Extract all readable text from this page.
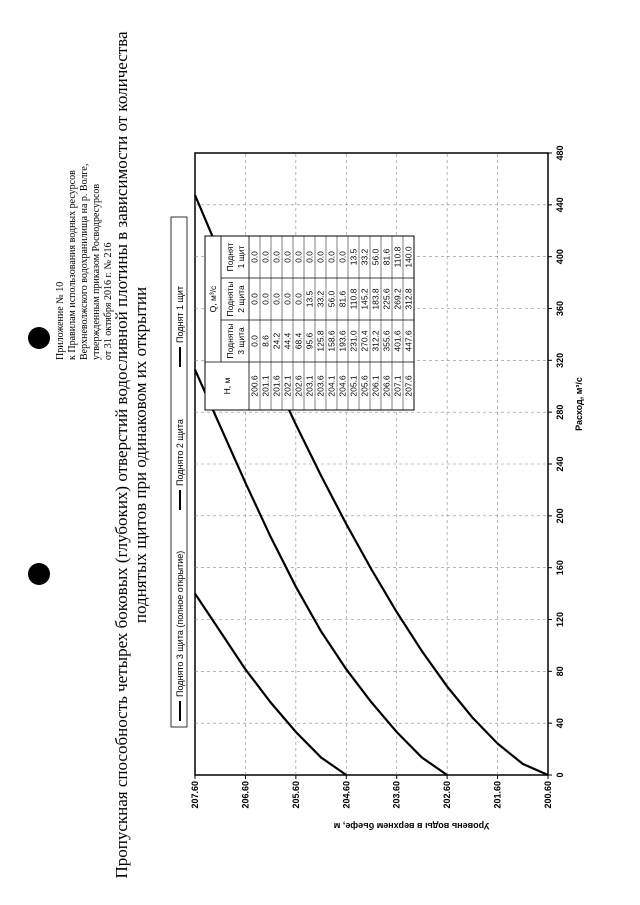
Приложение № 10 к Правилам использования водных ресурсов Верхневолжского водохранилища на р. Волге, утвержденным приказом Росводресурсов от 31 октября 2016 г. № 216
Пропускная способность четырех боковых (глубоких) отверстий водосливной плотины в зависимости от количества поднятых щитов при одинаковом их открытии
0
40
80
120
160
200
240
280
320
360
400
440
480
200.60
201.60
202.60
203.60
204.60
205.60
206.60
207.60
Расход, м³/с
Уровень воды в верхнем бьефе, м
Поднято 3 щита (полное открытие)
Поднято 2 щита
Поднят 1 щит
Н, м
Q, м³/с
Подняты 3 щита
Подняты 2 щита
Поднят 1 щит
200.6
0.0
0.0
0.0
201.1
8.6
0.0
0.0
201.6
24.2
0.0
0.0
202.1
44.4
0.0
0.0
202.6
68.4
0.0
0.0
203.1
95.6
13.5
0.0
203.6
125.8
33.2
0.0
204.1
158.6
56.0
0.0
204.6
193.6
81.6
0.0
205.1
231.0
110.8
13.5
205.6
270.4
145.2
33.2
206.1
312.2
183.8
56.0
206.6
355.6
225.6
81.6
207.1
401.6
269.2
110.8
207.6
447.6
312.8
140.0
